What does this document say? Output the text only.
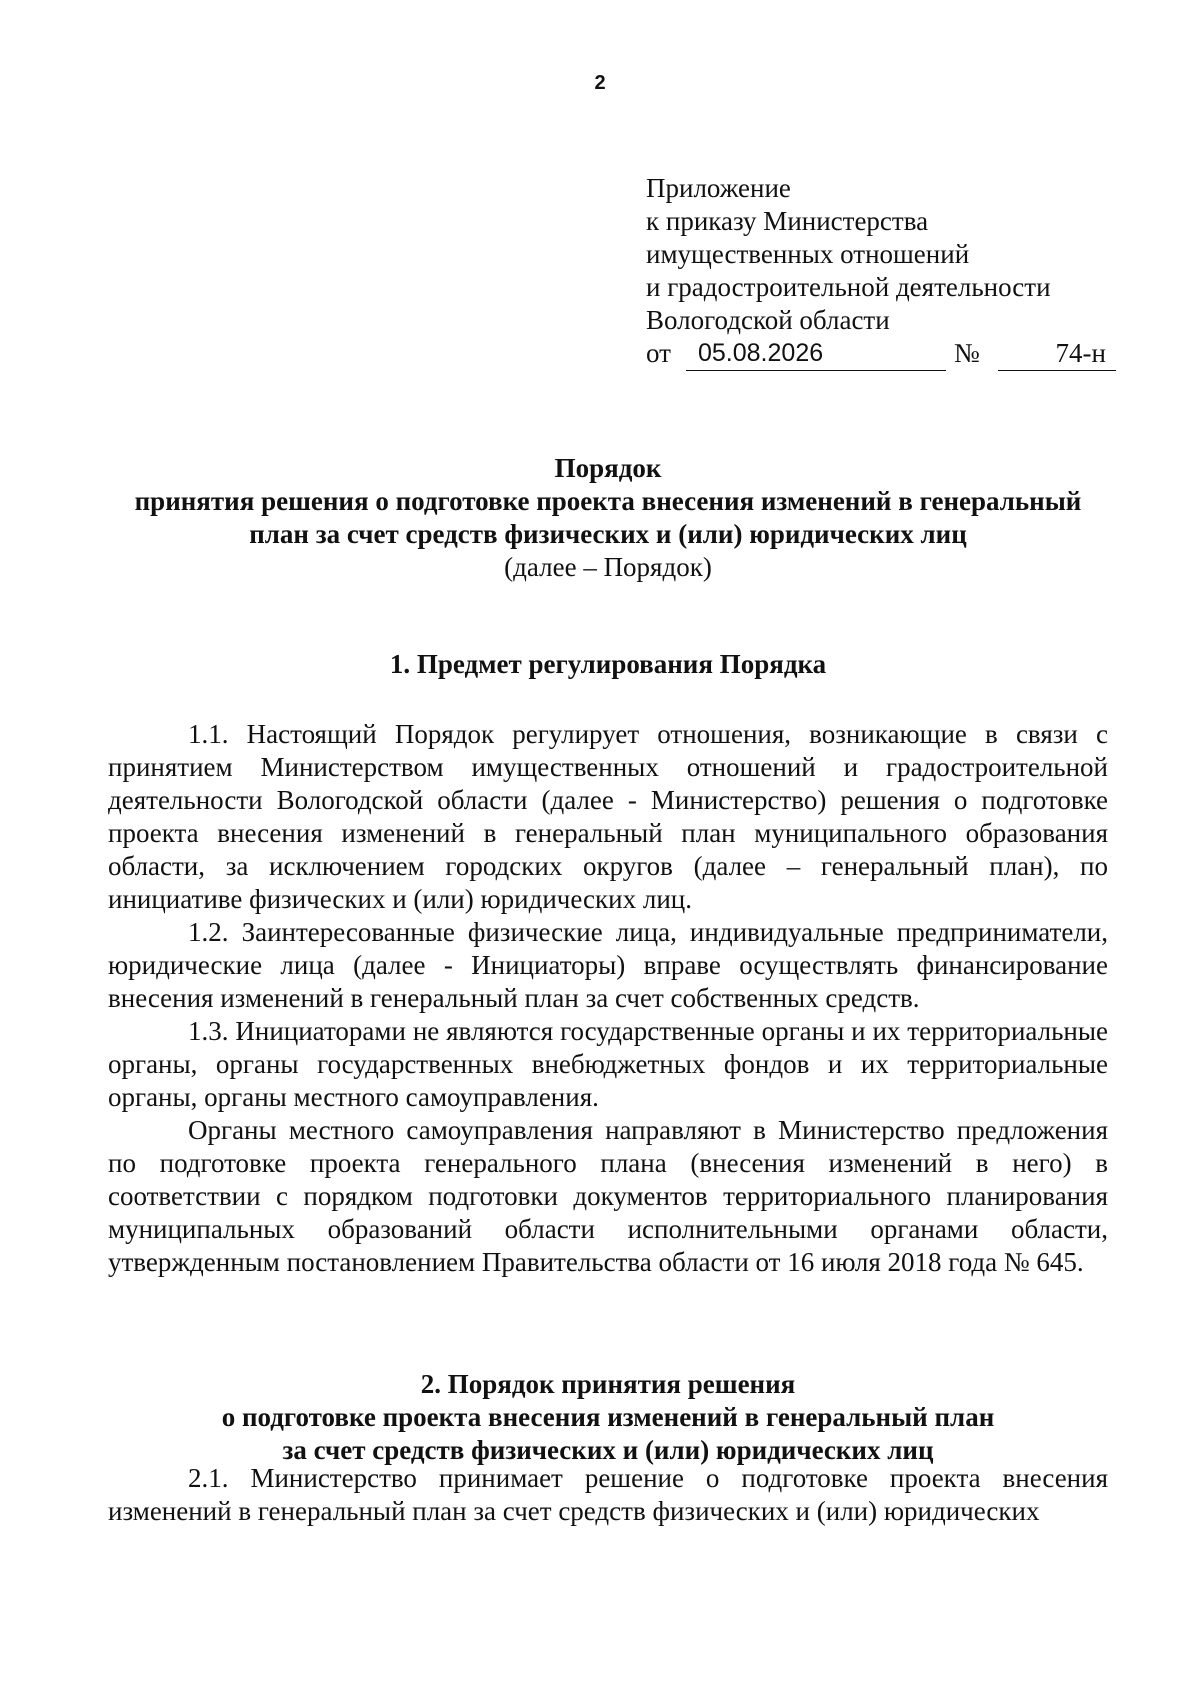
2
Приложение
к приказу Министерства
имущественных отношений
и градостроительной деятельности
Вологодской области
от	05.08.2026	№	74-н
Порядок
принятия решения о подготовке проекта внесения изменений в генеральный
план за счет средств физических и (или) юридических лиц
(далее – Порядок)
1. Предмет регулирования Порядка

1.1. Настоящий Порядок регулирует отношения, возникающие в связи с принятием Министерством имущественных отношений и градостроительной деятельности Вологодской области (далее - Министерство) решения о подготовке проекта внесения изменений в генеральный план муниципального образования области, за исключением городских округов (далее – генеральный план), по инициативе физических и (или) юридических лиц.

1.2. Заинтересованные физические лица, индивидуальные предприниматели, юридические лица (далее - Инициаторы) вправе осуществлять финансирование внесения изменений в генеральный план за счет собственных средств.

1.3. Инициаторами не являются государственные органы и их территориальные органы, органы государственных внебюджетных фондов и их территориальные органы, органы местного самоуправления.

Органы местного самоуправления направляют в Министерство предложения по подготовке проекта генерального плана (внесения изменений в него) в соответствии с порядком подготовки документов территориального планирования муниципальных образований области исполнительными органами области, утвержденным постановлением Правительства области от 16 июля 2018 года № 645.

2. Порядок принятия решения
о подготовке проекта внесения изменений в генеральный план
за счет средств физических и (или) юридических лиц

2.1. Министерство принимает решение о подготовке проекта внесения изменений в генеральный план за счет средств физических и (или) юридических
